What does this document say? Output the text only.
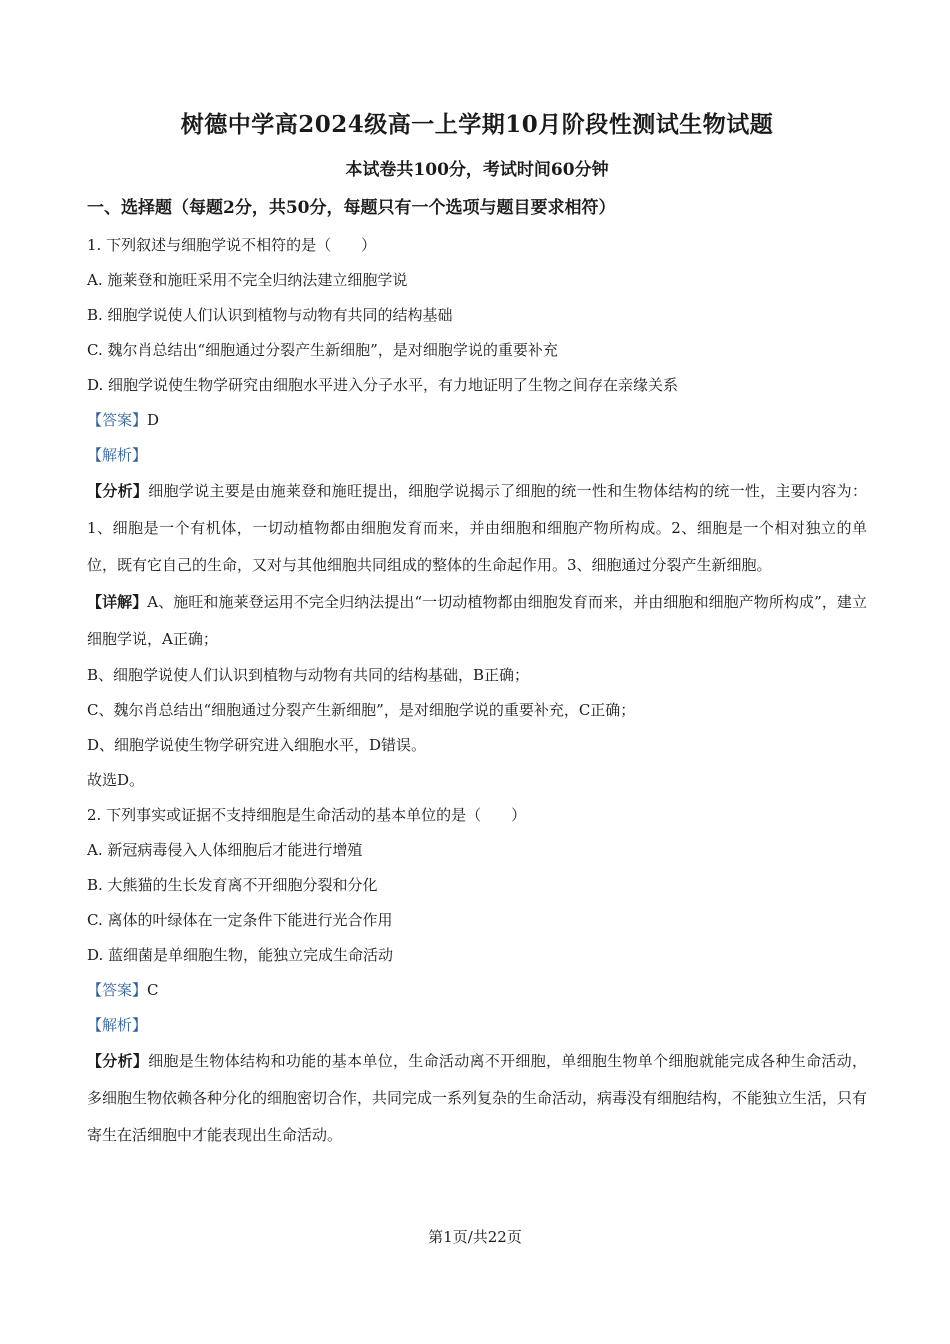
树德中学高2024级高一上学期10月阶段性测试生物试题
本试卷共100分，考试时间60分钟
一、选择题（每题2分，共50分，每题只有一个选项与题目要求相符）
1. 下列叙述与细胞学说不相符的是（　　）
A. 施莱登和施旺采用不完全归纳法建立细胞学说
B. 细胞学说使人们认识到植物与动物有共同的结构基础
C. 魏尔肖总结出“细胞通过分裂产生新细胞”，是对细胞学说的重要补充
D. 细胞学说使生物学研究由细胞水平进入分子水平，有力地证明了生物之间存在亲缘关系
【答案】D
【解析】
【分析】细胞学说主要是由施莱登和施旺提出，细胞学说揭示了细胞的统一性和生物体结构的统一性，主要内容为：1、细胞是一个有机体，一切动植物都由细胞发育而来，并由细胞和细胞产物所构成。2、细胞是一个相对独立的单位，既有它自己的生命，又对与其他细胞共同组成的整体的生命起作用。3、细胞通过分裂产生新细胞。
【详解】A、施旺和施莱登运用不完全归纳法提出“一切动植物都由细胞发育而来，并由细胞和细胞产物所构成”，建立细胞学说，A正确；
B、细胞学说使人们认识到植物与动物有共同的结构基础，B正确；
C、魏尔肖总结出“细胞通过分裂产生新细胞”，是对细胞学说的重要补充，C正确；
D、细胞学说使生物学研究进入细胞水平，D错误。
故选D。
2. 下列事实或证据不支持细胞是生命活动的基本单位的是（　　）
A. 新冠病毒侵入人体细胞后才能进行增殖
B. 大熊猫的生长发育离不开细胞分裂和分化
C. 离体的叶绿体在一定条件下能进行光合作用
D. 蓝细菌是单细胞生物，能独立完成生命活动
【答案】C
【解析】
【分析】细胞是生物体结构和功能的基本单位，生命活动离不开细胞，单细胞生物单个细胞就能完成各种生命活动，多细胞生物依赖各种分化的细胞密切合作，共同完成一系列复杂的生命活动，病毒没有细胞结构，不能独立生活，只有寄生在活细胞中才能表现出生命活动。
第1页/共22页
